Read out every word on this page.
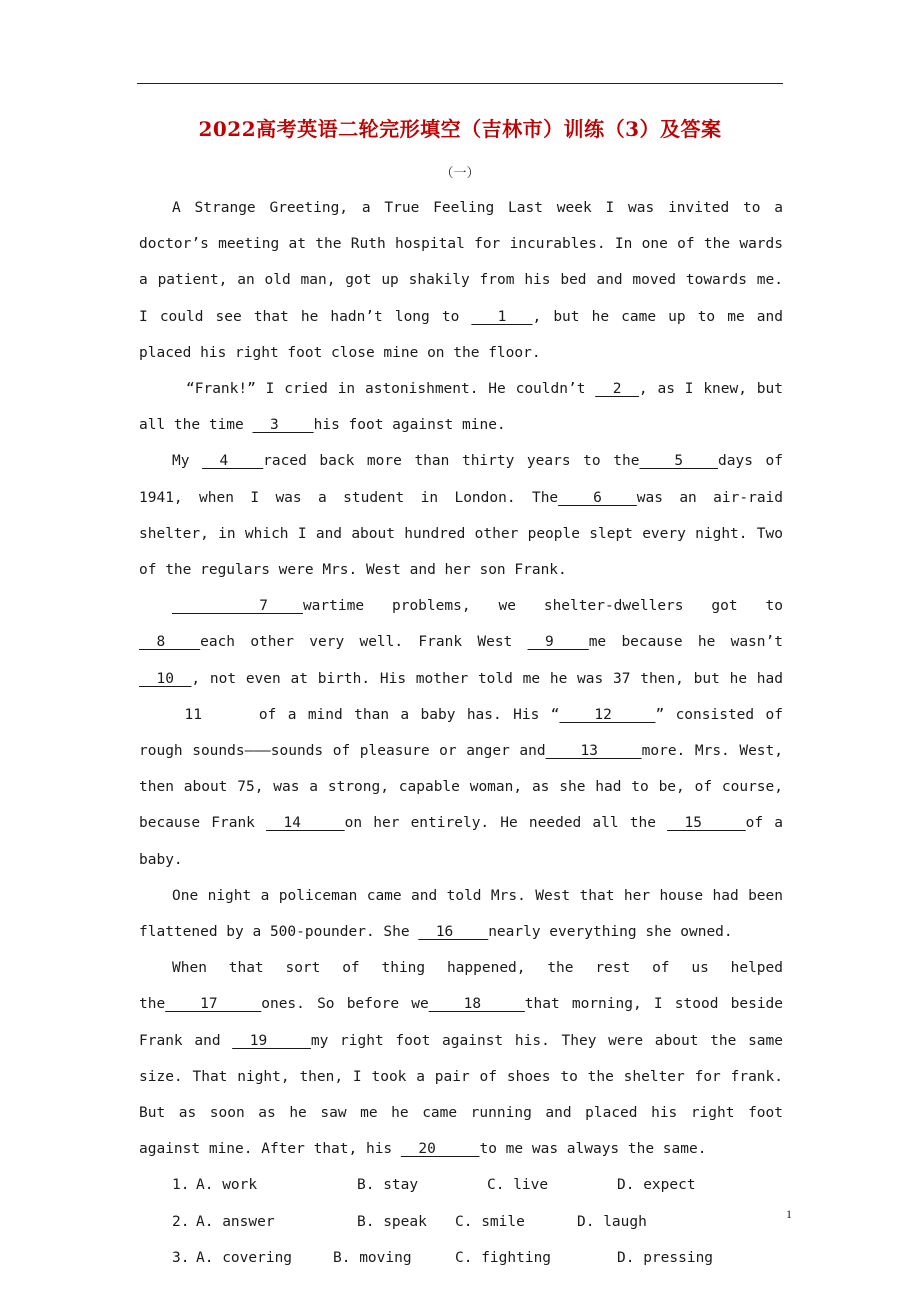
2022高考英语二轮完形填空（吉林市）训练（3）及答案
（一）

A Strange Greeting, a True Feeling Last week I was invited to a doctor’s meeting at the Ruth hospital for incurables. In one of the wards a patient, an old man, got up shakily from his bed and moved towards me. I could see that he hadn’t long to ___1___, but he came up to me and placed his right foot close mine on the floor.

“Frank!” I cried in astonishment. He couldn’t __2__, as I knew, but all the time __3____his foot against mine.

My __4____raced back more than thirty years to the____5____days of 1941, when I was a student in London. The____6____was an air-raid shelter, in which I and about hundred other people slept every night. Two of the regulars were Mrs. West and her son Frank.

__________7____wartime problems, we shelter-dwellers got to __8____each other very well. Frank West __9____me because he wasn’t __10__, not even at birth. His mother told me he was 37 then, but he had     11     of a mind than a baby has. His “____12_____” consisted of rough sounds———sounds of pleasure or anger and____13_____more. Mrs. West, then about 75, was a strong, capable woman, as she had to be, of course, because Frank __14_____on her entirely. He needed all the __15_____of a baby.

One night a policeman came and told Mrs. West that her house had been flattened by a 500-pounder. She __16____nearly everything she owned.

When that sort of thing happened, the rest of us helped the____17_____ones. So before we____18_____that morning, I stood beside Frank and __19_____my right foot against his. They were about the same size. That night, then, I took a pair of shoes to the shelter for frank. But as soon as he saw me he came running and placed his right foot against mine. After that, his __20_____to me was always the same.

1. A. work	B. stay	C. live	D. expect
2. A. answer	B. speak C. smile	D. laugh
3. A. covering	B. moving	C. fighting	D. pressing
1
